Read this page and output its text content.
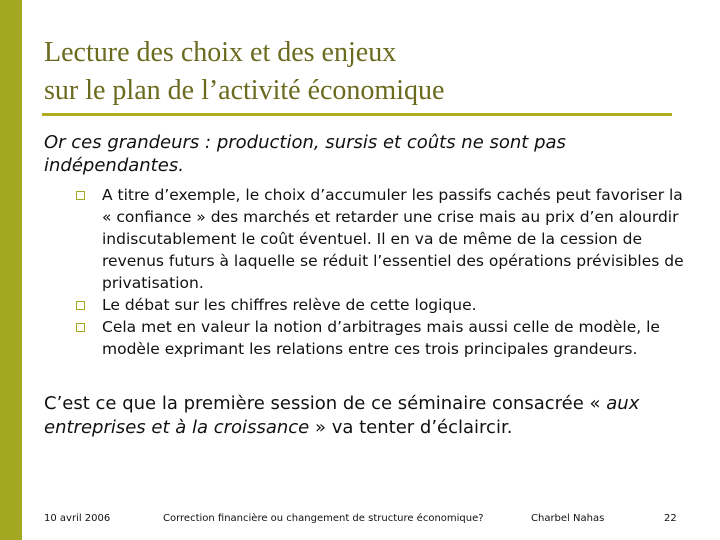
Lecture des choix et des enjeux
sur le plan de l’activité économique
Or ces grandeurs : production, sursis et coûts ne sont pas indépendantes.
A titre d’exemple, le choix d’accumuler les passifs cachés peut favoriser la « confiance » des marchés et retarder une crise mais au prix d’en alourdir indiscutablement le coût éventuel. Il en va de même de la cession de revenus futurs à laquelle se réduit l’essentiel des opérations prévisibles de privatisation.
Le débat sur les chiffres relève de cette logique.
Cela met en valeur la notion d’arbitrages mais aussi celle de modèle, le modèle exprimant les relations entre ces trois principales grandeurs.
C’est ce que la première session de ce séminaire consacrée « aux entreprises et à la croissance » va tenter d’éclaircir.
10 avril 2006	Correction financière ou changement de structure économique?	Charbel Nahas	22
